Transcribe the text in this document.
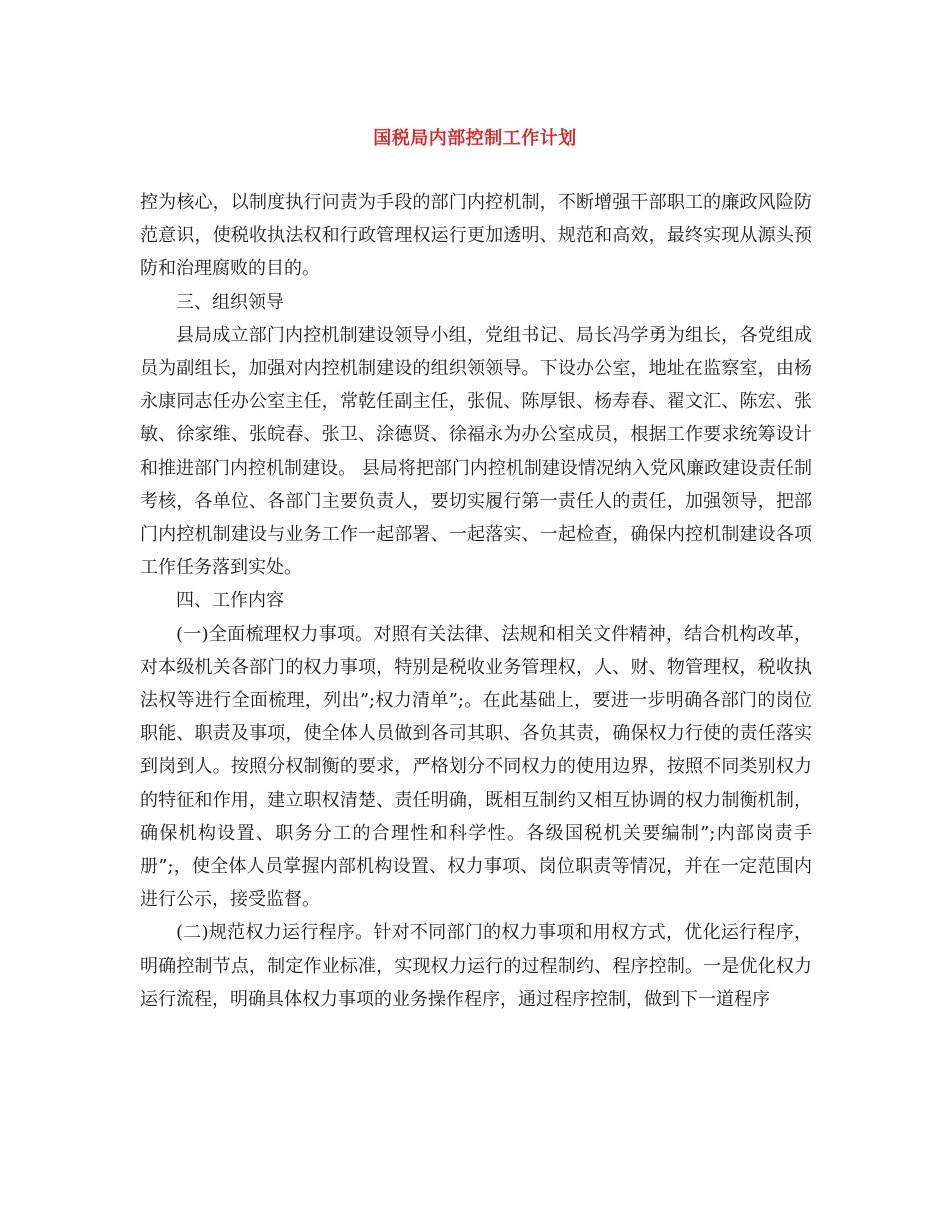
国税局内部控制工作计划

控为核心，以制度执行问责为手段的部门内控机制，不断增强干部职工的廉政风险防范意识，使税收执法权和行政管理权运行更加透明、规范和高效，最终实现从源头预防和治理腐败的目的。

三、组织领导

县局成立部门内控机制建设领导小组，党组书记、局长冯学勇为组长，各党组成员为副组长，加强对内控机制建设的组织领领导。下设办公室，地址在监察室，由杨永康同志任办公室主任，常乾任副主任，张侃、陈厚银、杨寿春、翟文汇、陈宏、张敏、徐家维、张皖春、张卫、涂德贤、徐福永为办公室成员，根据工作要求统筹设计和推进部门内控机制建设。 县局将把部门内控机制建设情况纳入党风廉政建设责任制考核，各单位、各部门主要负责人，要切实履行第一责任人的责任，加强领导，把部门内控机制建设与业务工作一起部署、一起落实、一起检查，确保内控机制建设各项工作任务落到实处。

四、工作内容

(一)全面梳理权力事项。对照有关法律、法规和相关文件精神，结合机构改革，对本级机关各部门的权力事项，特别是税收业务管理权，人、财、物管理权，税收执法权等进行全面梳理，列出”;权力清单”;。在此基础上，要进一步明确各部门的岗位职能、职责及事项，使全体人员做到各司其职、各负其责，确保权力行使的责任落实到岗到人。按照分权制衡的要求，严格划分不同权力的使用边界，按照不同类别权力的特征和作用，建立职权清楚、责任明确，既相互制约又相互协调的权力制衡机制，确保机构设置、职务分工的合理性和科学性。各级国税机关要编制”;内部岗责手册”;，使全体人员掌握内部机构设置、权力事项、岗位职责等情况，并在一定范围内进行公示，接受监督。

(二)规范权力运行程序。针对不同部门的权力事项和用权方式，优化运行程序，明确控制节点，制定作业标准，实现权力运行的过程制约、程序控制。一是优化权力运行流程，明确具体权力事项的业务操作程序，通过程序控制，做到下一道程序
